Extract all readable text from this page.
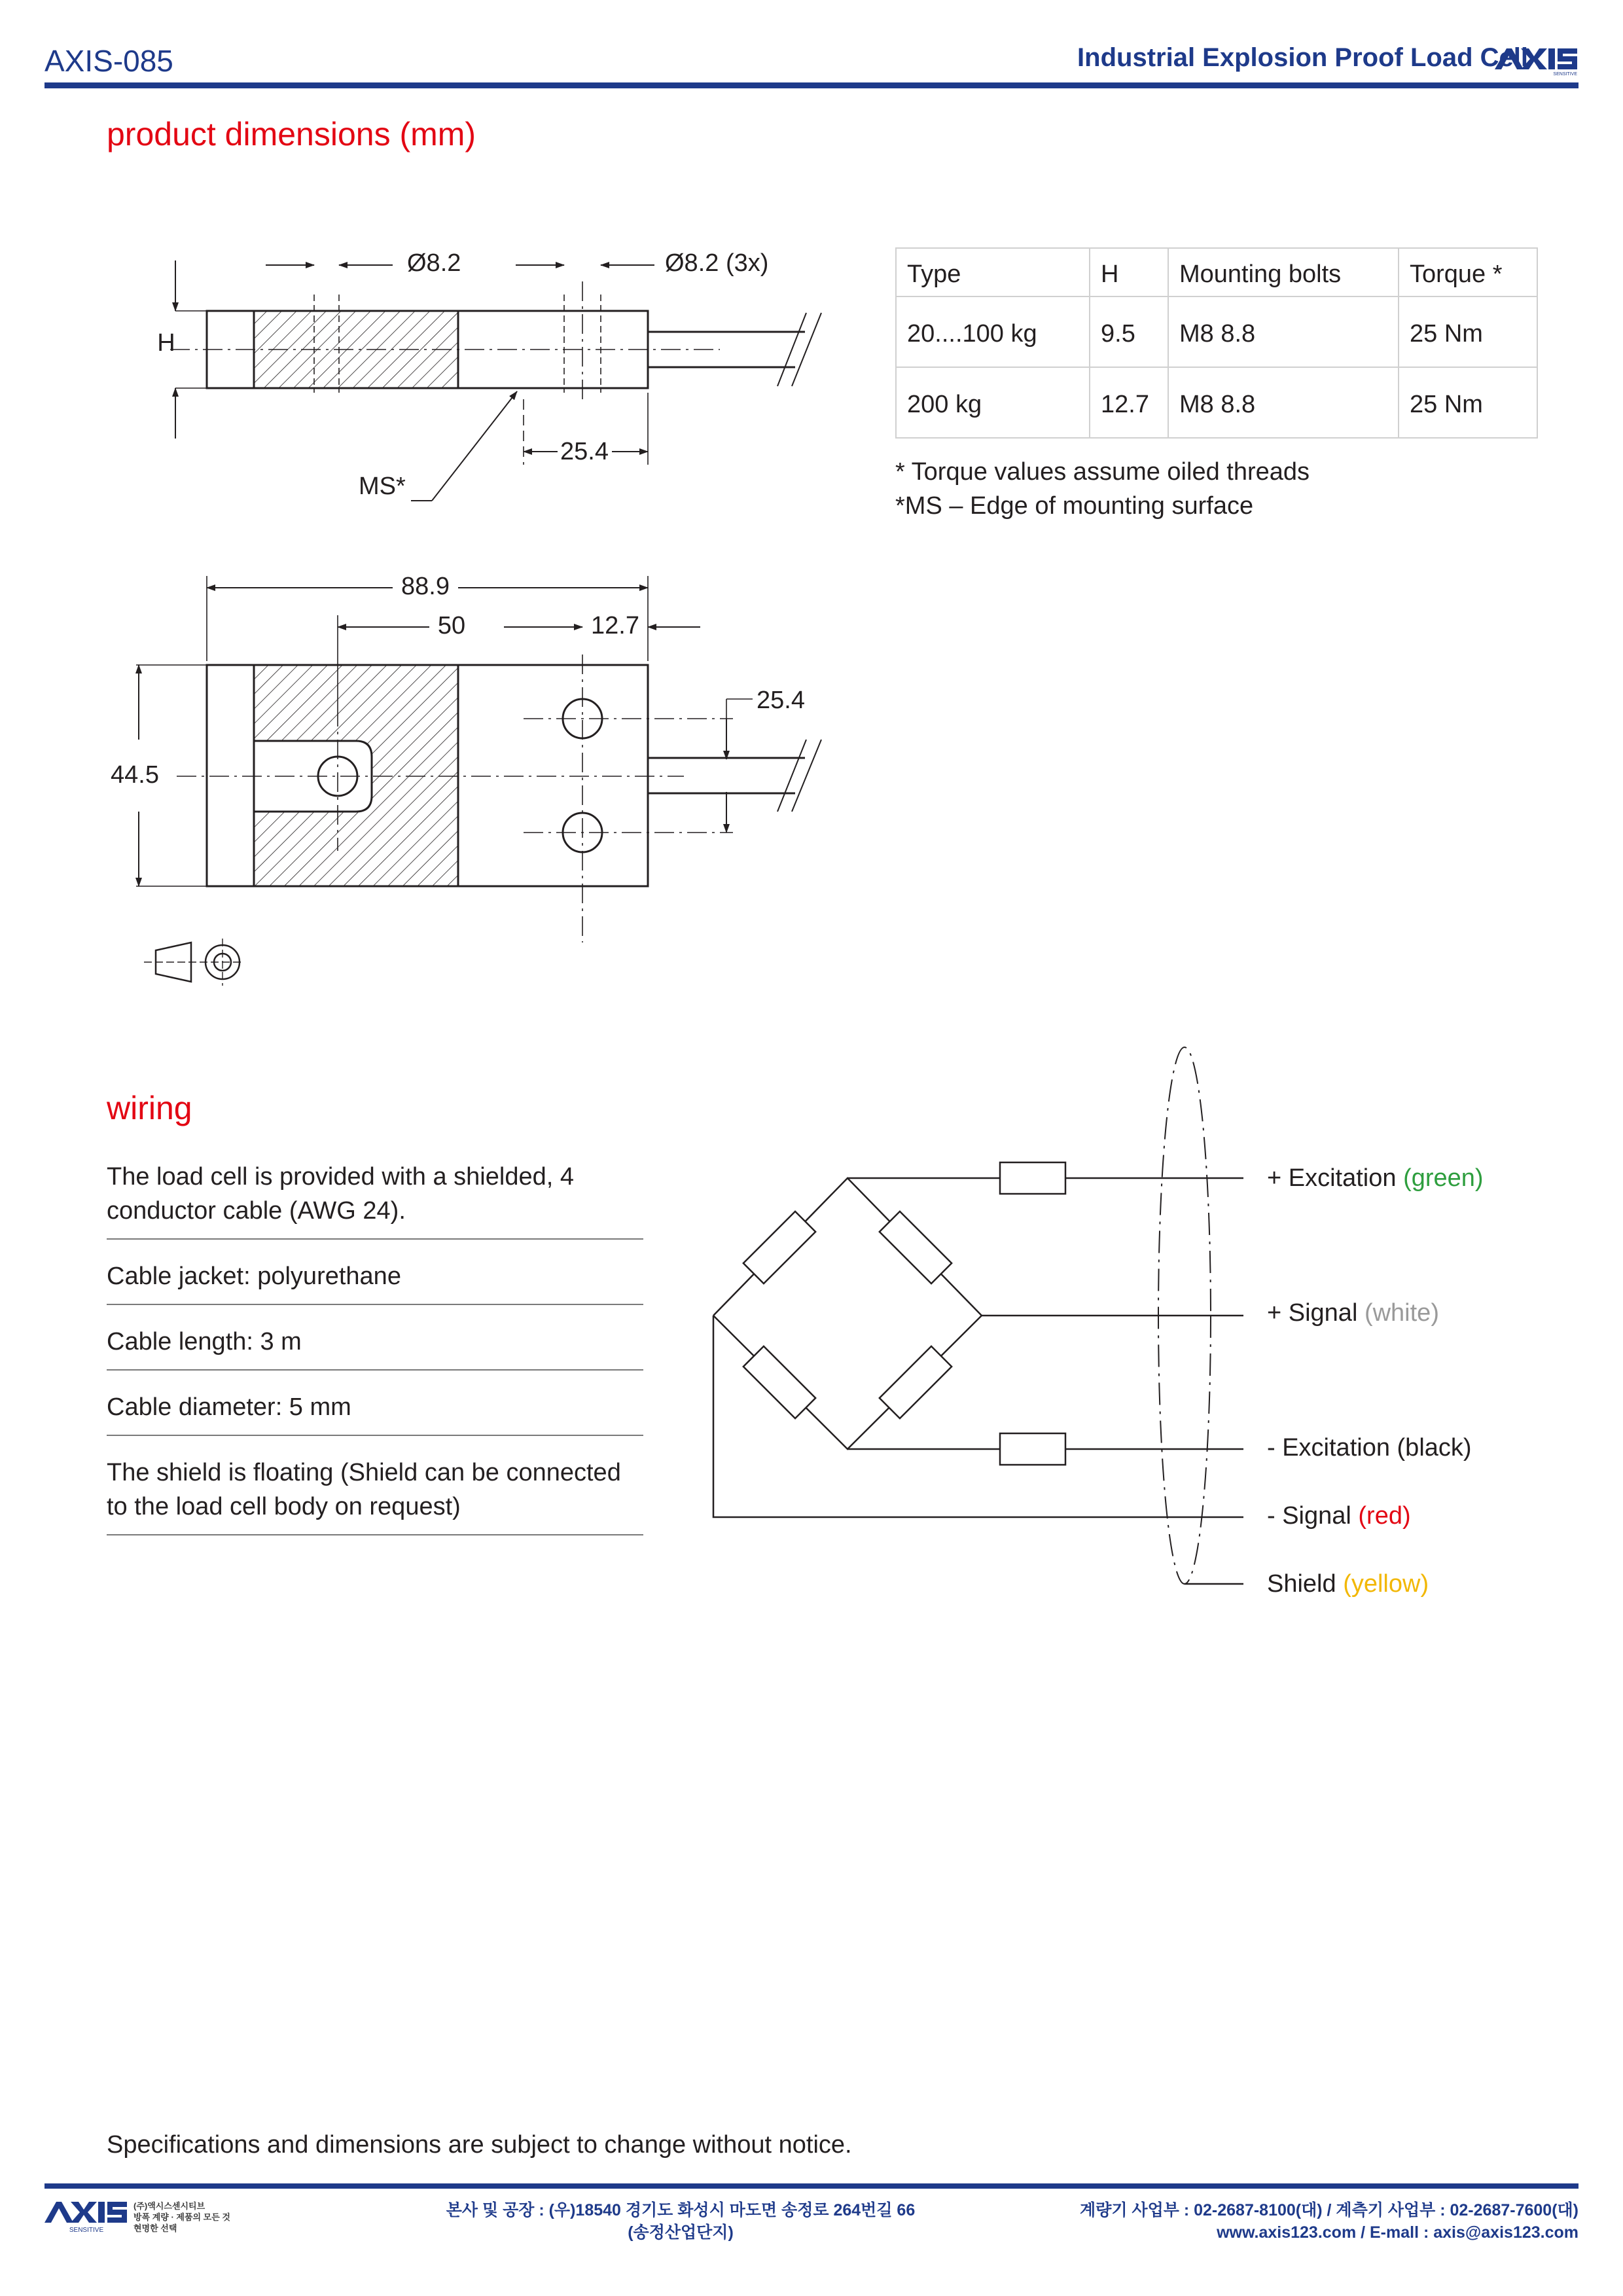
AXIS-085	Industrial Explosion Proof Load Cell
SENSITIVE
product dimensions (mm)
Ø8.2	Ø8.2 (3x)
H
MS*
25.4
88.9
50	12.7
25.4
44.5
Type	H	Mounting bolts	Torque *
20....100 kg	9.5	M8 8.8	25 Nm
200 kg	12.7	M8 8.8	25 Nm
* Torque values assume oiled threads
*MS – Edge of mounting surface
wiring
The load cell is provided with a shielded, 4 conductor cable (AWG 24).
Cable jacket: polyurethane
Cable length: 3 m
Cable diameter: 5 mm
The shield is floating (Shield can be connected to the load cell body on request)
+ Excitation (green)
+ Signal (white)
- Excitation (black)
- Signal (red)
Shield (yellow)
Specifications and dimensions are subject to change without notice.
SENSITIVE
(주)액시스센시티브
방폭 계량 · 제품의 모든 것
현명한 선택
본사 및 공장 : (우)18540 경기도 화성시 마도면 송정로 264번길 66
(송정산업단지)
계량기 사업부 : 02-2687-8100(대) / 계측기 사업부 : 02-2687-7600(대)
www.axis123.com / E-mall : axis@axis123.com
